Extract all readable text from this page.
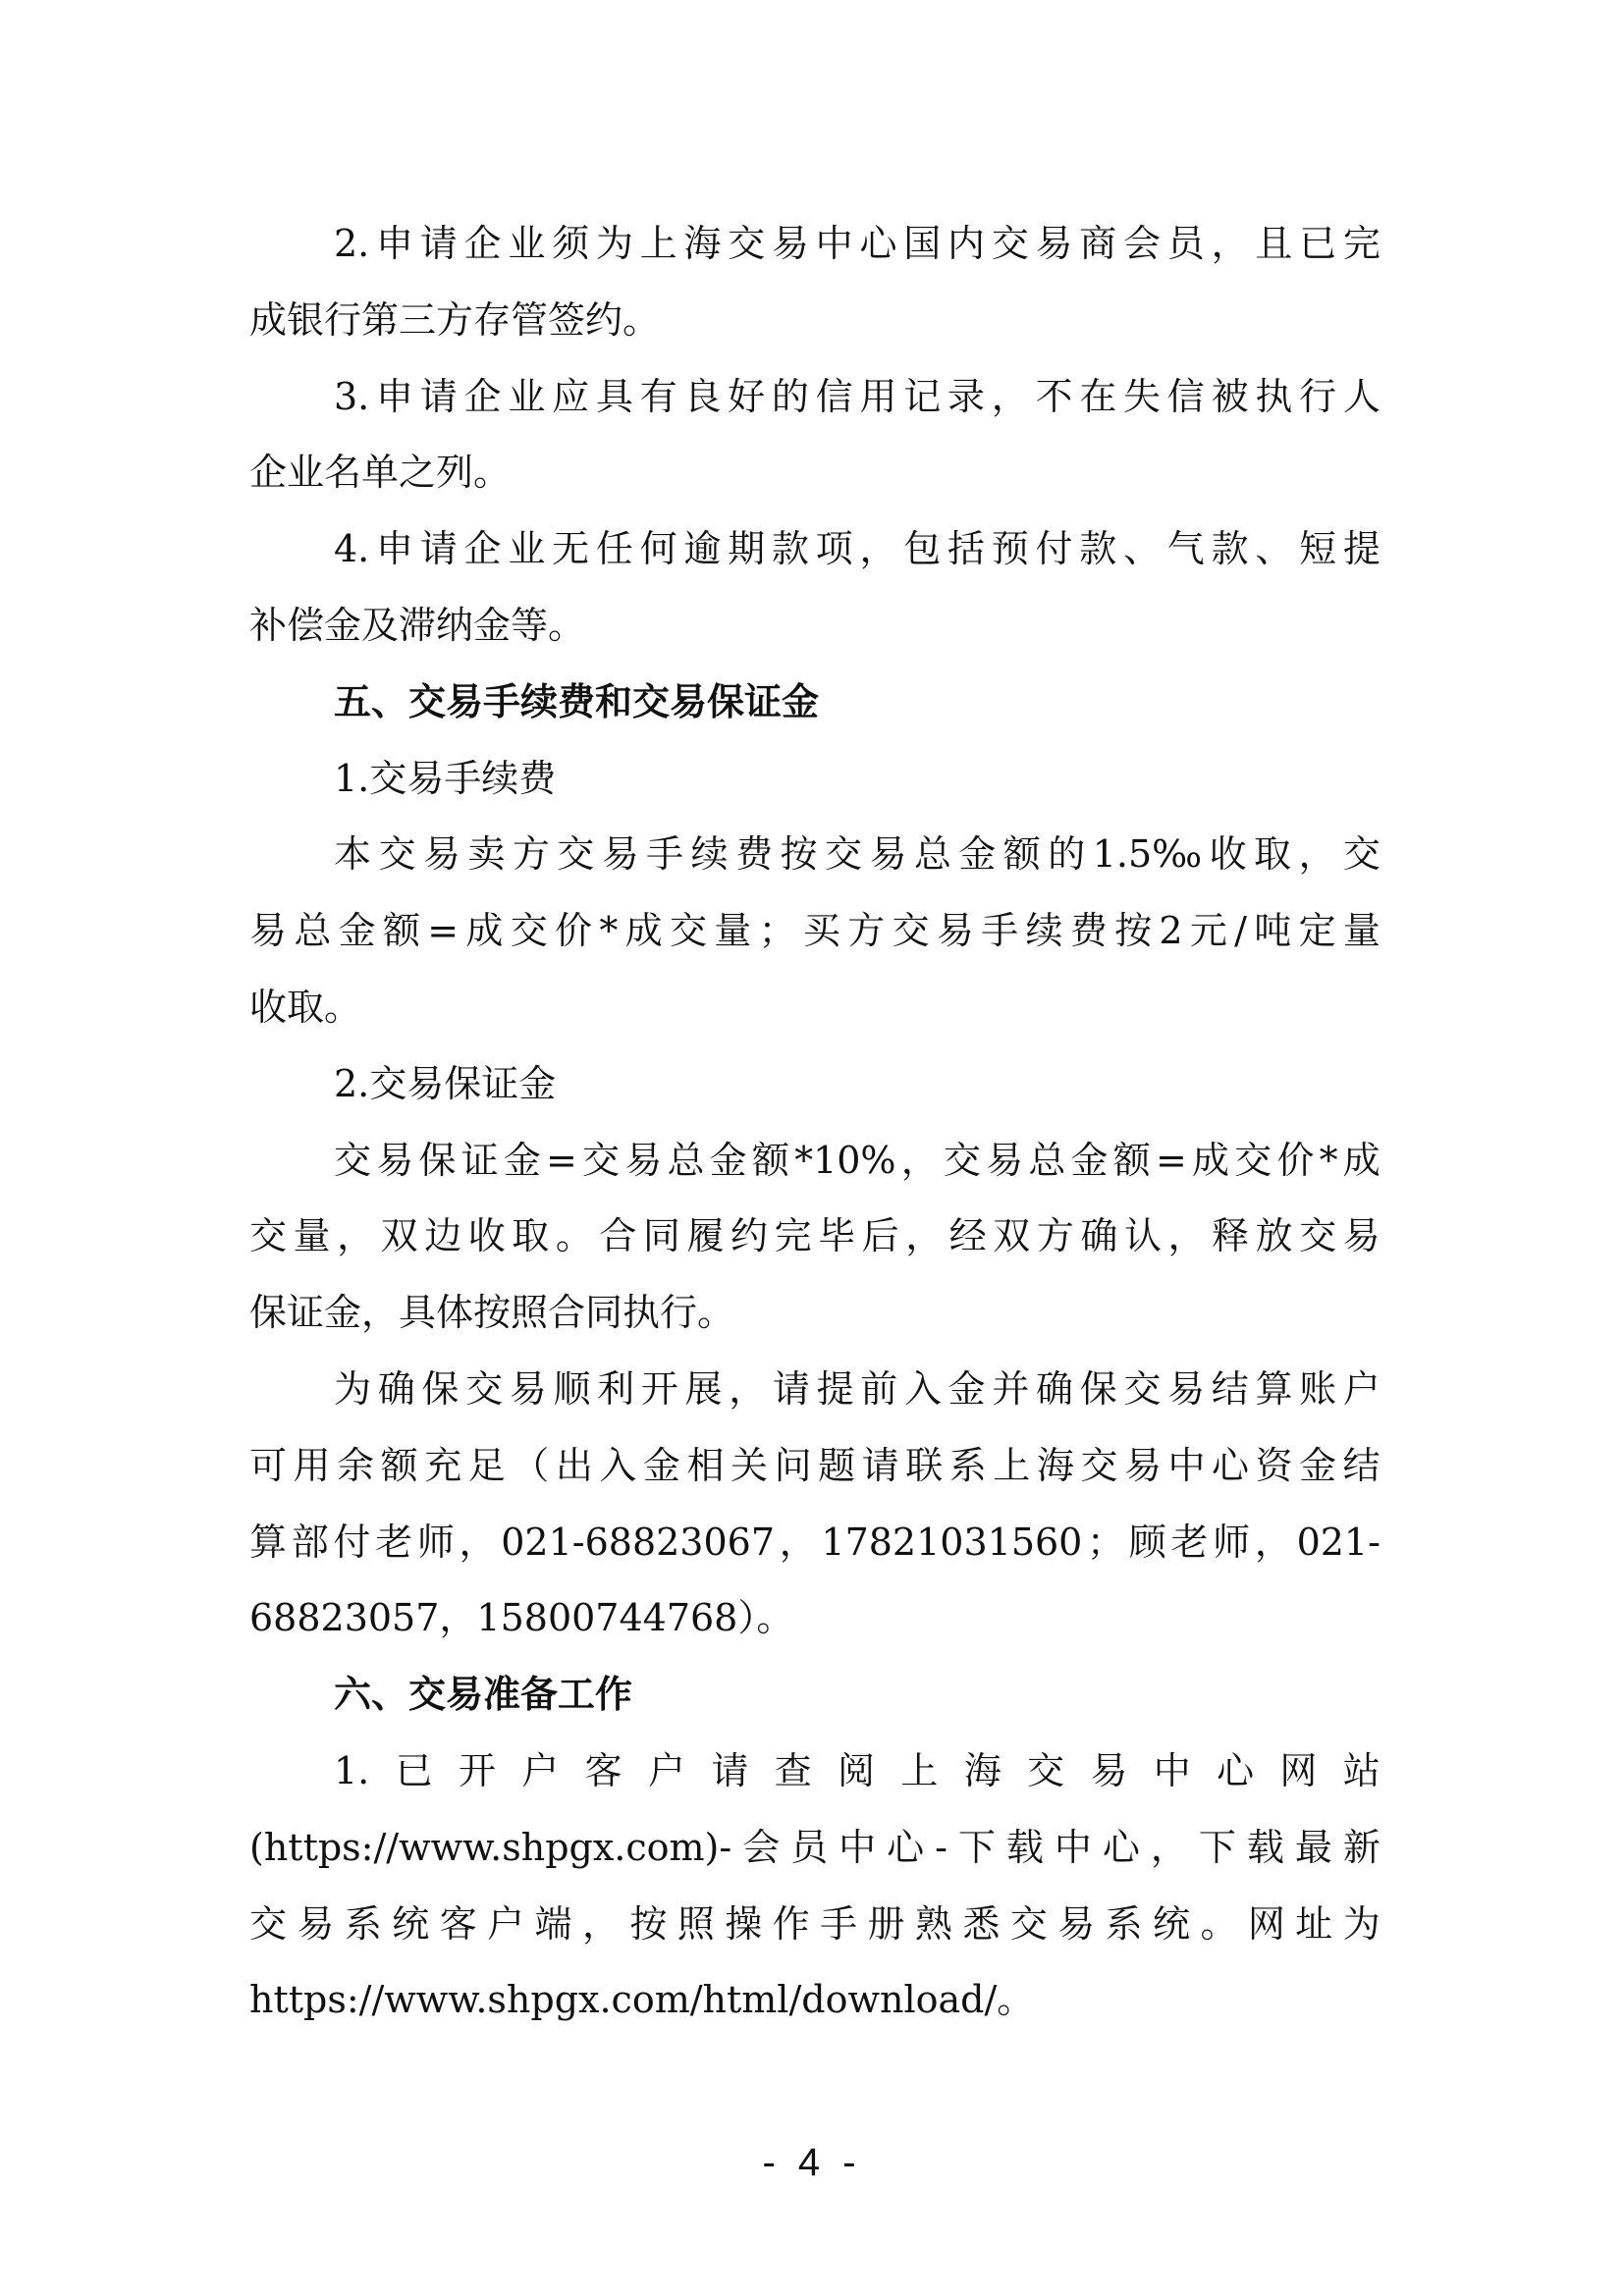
2. 申 请 企 业 须 为 上 海 交 易 中 心 国 内 交 易 商 会 员 ， 且 已 完
成银行第三方存管签约。
3. 申 请 企 业 应 具 有 良 好 的 信 用 记 录 ， 不 在 失 信 被 执 行 人
企业名单之列。
4. 申 请 企 业 无 任 何 逾 期 款 项 ， 包 括 预 付 款 、 气 款 、 短 提
补偿金及滞纳金等。
五、交易手续费和交易保证金
1.交易手续费
本 交 易 卖 方 交 易 手 续 费 按 交 易 总 金 额 的 1.5‰ 收 取 ， 交
易 总 金 额 = 成 交 价 * 成 交 量 ； 买 方 交 易 手 续 费 按 2 元 / 吨 定 量
收取。
2.交易保证金
交 易 保 证 金 = 交 易 总 金 额 *10% ， 交 易 总 金 额 = 成 交 价 * 成
交 量 ， 双 边 收 取 。 合 同 履 约 完 毕 后 ， 经 双 方 确 认 ， 释 放 交 易
保证金，具体按照合同执行。
为 确 保 交 易 顺 利 开 展 ， 请 提 前 入 金 并 确 保 交 易 结 算 账 户
可 用 余 额 充 足 （ 出 入 金 相 关 问 题 请 联 系 上 海 交 易 中 心 资 金 结
算 部 付 老 师 ， 021-68823067 ， 17821031560 ； 顾 老 师 ， 021-
68823057，15800744768）。
六、交易准备工作
1. 已 开 户 客 户 请 查 阅 上 海 交 易 中 心 网 站
(https://www.shpgx.com)- 会 员 中 心 - 下 载 中 心 ， 下 载 最 新
交 易 系 统 客 户 端 ， 按 照 操 作 手 册 熟 悉 交 易 系 统 。 网 址 为
https://www.shpgx.com/html/download/。
- 4 -
